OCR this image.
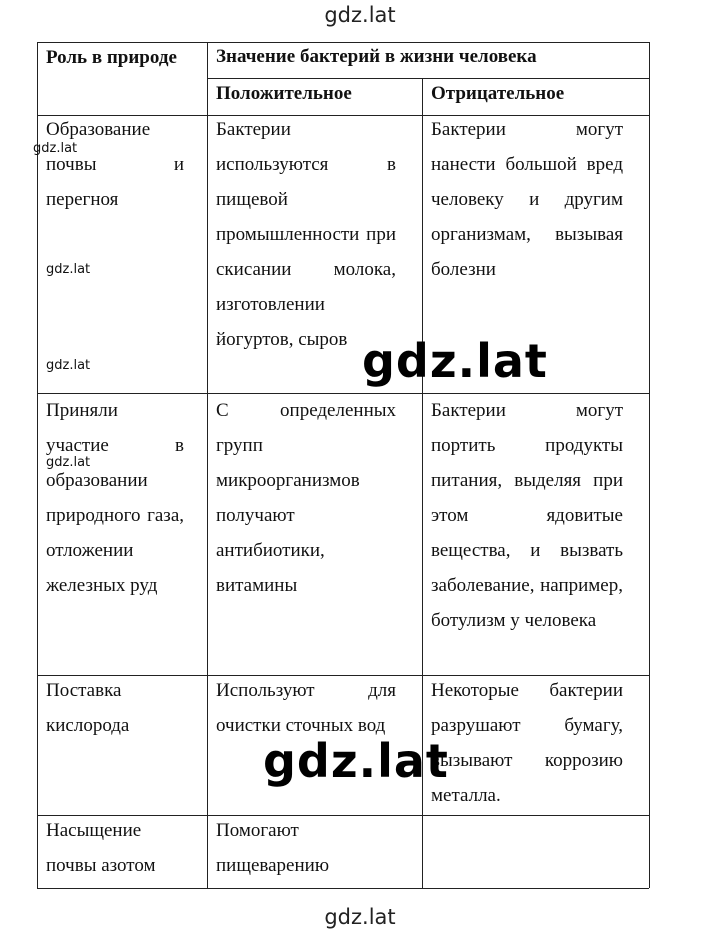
gdz.lat
Роль в природе	Значение бактерий в жизни человека
Положительное	Отрицательное
Образование почвы и перегноя
Бактерии используются в пищевой промышленности при скисании молока, изготовлении йогуртов, сыров
Бактерии могут нанести большой вред человеку и другим организмам, вызывая болезни
Приняли участие в образовании природного газа, отложении железных руд
С определенных групп микроорганизмов получают антибиотики, витамины
Бактерии могут портить продукты питания, выделяя при этом ядовитые вещества, и вызвать заболевание, например, ботулизм у человека
Поставка кислорода
Используют для очистки сточных вод
Некоторые бактерии разрушают бумагу, вызывают коррозию металла.
Насыщение почвы азотом
Помогают пищеварению
gdz.lat
gdz.lat
gdz.lat
gdz.lat
gdz.lat
gdz.lat
gdz.lat
